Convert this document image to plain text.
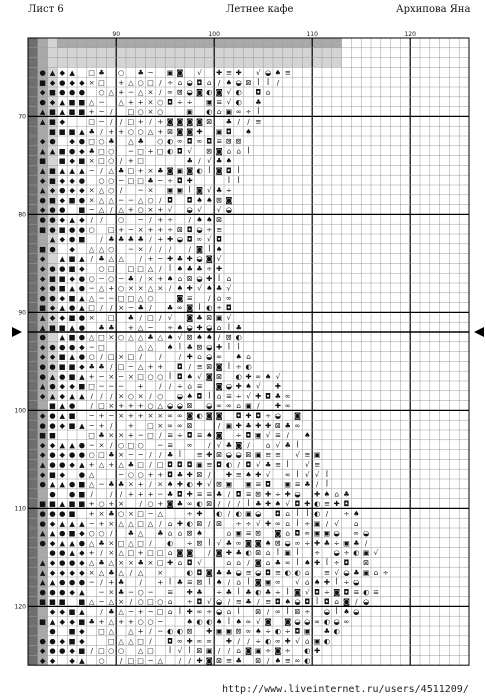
Лист 6	Летнее кафе	Архипова Яна
● ▲ ◆ ▲ □ ♣ ○ ♣ ─ ▣ ◙ √ ✚ ≡ ✚ √ ◒ ♠ ≡
■ ◆ ● ◆ ◆ × □ + △ ○ □ / ÷ ⌂ ◒ ◘ ⌂ / ♠ ◒ ⊠ ꟾ ꟾ /
◆ ■ ● ● ● ○ △ + ─ △ × / ∞ ⊠ ◒ ◙ ◐ ◙ √ ◐ ◘ ⌂
● ◆ ▲ ■ ■ △ ─ △ + + × ○ ◘ ÷ ÷ ▣ ≡ √ ◐ ♣
▲ ■ ▲ ■ ■ + ─ / □ ○ × ○	▣ ◐ ⌂ ▣ ∞ ÷ ꟾ
▲ ■ ◆	□ ─ / / □ + / + ◙ ◙ ◙ ◙ ⊠ ♣ / / ≡
■ ■ ■ ▲ ♣ / + + ○ ○ △ + ⊠ ◙ ◙ ✚ ▣ ◘ ♠
◆ ● ◆ ● □ ○ ♣ △ ♣ ○ ◐ ∞ ◘ ∞ ◘ ≡ ⊠ ⊠
▲ ▲ ■ ● ◆ ♣ □ ○ ─ □ + □ ◐ ◘ √ ⊠ ◙ ⌂ ⌂ ꟾ
■ ■ ◆ ■ × □ ○ / + □	♣ / √ ♣ ♠
▲ ■ ▲ ▲ ▲ ─ / △ ♣ □ + × ♣ ◙ ▣ ◙ ◐ ꟾ ◙ ◘ ꟾ
◆ ■ ◆ ◆ ● ○ ○ ─ □ □ ♣ ─ ÷ ◘ ✚	ꟾ ꟾ
▲ ◆ ● ◆ ◆ × △ ○ / ─ × ▣ ▣ ꟾ ◙ √ ♣ ÷
● ■ ◆ ■ ● × △ △ ─ ─ △ ○ / ◘ ◘ ♠ ♠ ⊠ ◙
◆ ● ● ■ ─ △ / △ + ○ × + √ ◒ √ √ ◒
● ● ◆ ▲ ◆ / / ○ ─ / + ÷ / ♠ ♠ ⊠
■ ● ■ ● ● ○ □ + ─ × + + ÷ ⊠ ◘ ◒ ÷ ≡
▲ ◆ ● ■ / ♣ ♣ ♣ ♣ / + ✚ ◒ ◘ ∞ √ ◘
■ ● ◆ △ △ ○ ─ × / / / / ◙ ꟾ ♠
◆ ▲ ■ ▲ / ♣ △ △ / + ─ ✚ ♣ ✚ ◒ ◙ √
◆ ● ● ■ ◆ ○ □ □ □ △ / ꟾ ♠ ♣ ♣ ÷ ✚
◆ ■ ■ ◆ ● ○ ─ ○ ─ ♣ / × + ♠ ⌂ ⊠ ◒ ✚ ꟾ ⌂
◆ ● ■ ▲ ● ─ △ + ○ × × △ × / ♠ ✚ √ ♠ ♣ √
● ● ◆ ■ ▲ △ ─ ─ □ □ △ ○	◙ ≡ / ⌂ ∞
■ ◆ ▲ ● ▲ □ / / × ─ ♣ / ♣ ∞ ◙ ꟾ ◐ ÷ ◘
▲ ◆ ◆ ■ ● × □ ♣ / □ / √ ◙ ♣ ⊠ ▣ √
▲ ■ ■ ▲ ● ♣ ♣ + △ ─ ÷ ♠ ◒ ✚ ◒ ⌂ ꟾ ♣
● ▲ ■ ● △ □ × ○ △ △ ♣ △ ♠ √ ⊠ ♠ ♠ / ⊠ ◐
◆ ● ● ● ◆ ─ □	△ △ ♠ ꟾ ♣ ⊠ ◒ ✚ ꟾ ꟾ
◆ ◆ ■ ▲ ● ○ / □ × □ / / / ✚ ⌂ ◒ ∞ ♠ ⌂
● ● ■ ■ ◆ ♣ ♣ / □ ─ △ + + ◘ / ≡ ⊠ ◙ ꟾ ÷ ◐
● ▲ ● ■ ▲ + ─ × ─ × □ ○ ○ ꟾ ◘ ♠ √ ◙ ⊠ ◐ ✚ ∞ ♠ √
▲ ● ◆ ◆ ■ □ ─ ─ ─ + / / ÷ ⌂ ≡ ◙ ◒ ✚ ♠ √ ✚
◆ ▲ ◆ ▲ ▲ / / / × ○ × / ○ ◒ ♠ ◘ ꟾ ⌂ ≡ ÷ √ ✚ ◘ ♣ ∞
■ ▲ ● / □ × + + + ○ △ ◒ ◒ ⊠ ◒ ∞ ∞ ⌂ ▣ / ✚ ∞
◆ ● ▲ ■ ─ + ─ × + + × × ∞ ∞ ◙ ◐ ◙ ◙ ◘ ✚ ◘ ÷ ◒ ◙
● ● ◆ ■ ▲ ─ + / + □ × ∞ ∞ ⊠	/ ▣ ✚ ♣ ✚ ✚ ⊠ ♣ ∞
■ ■	□ ♣ × × + ─ □ / ≡ ÷ ◘ ≡ ♠ ◙ ÷ ◘ ▣ √ ≡ / ♠
◆ ◆ ▲ ▲ ● ─ × / ○ □ ○ ─ ≡ ∞ / √ ♣ ◙ / ⌂ √ ♣ ꟾ
◆ ● ◆ ● ● ○ □ ♣ × ─ ─ / / ♣ ꟾ ≡ ✚ ⊠ ◒ ◒ ⊠ ▣ ≡ ≡ √ ≡ ▣
▲ ● ● ◆ ▲ + △ + △ ♣ □ / □ ◘ ◘ ◘ ▣ ≡ ◘ ◐ / ◘ √ ♣ ≡ ꟾ √ ≡
◆ ■ ◆ ● △	─ ○ ○ + + ◘ ♣ ✚ ⊠ / ✚ ≡ ♠ ✚ √ ∞ ꟾ √ √ ꟾ
● ▲ ▲ ● ■ △ ─ ♣ ♣ × + / × ♠ ✚ ◐ ✚ √ ⊠ ▣ ▣ ≡ ◘ ▣ ≡ ♣ / ꟾ
● ● ■ / / / + + + ─ ♣ ◘ ✚ ≡ ≡ ♣ / ◘ ≡ ⊠ ✚ ÷ ✚ ◒ ✚ ♠ ⌂ ♣
■ ■ ▲ ■ ■ + ○ + × / ○ + ◙ ♣ ∞ ◐ ⊠ / / / ꟾ ♣ ✚ ♠ √ ◘ ✚ ◐ ≡ ✚ ◘
● ● ● ■ + × ♣ ○ × □ ─ △	÷ ✚ ◐ / ◐ ▣ ◒ ◘ ⌂ ꟾ ꟾ ◐ / ÷ ♠
● ◆ ▲ ▲ ▲ ─ + × △ △ □ △ / ⌂ ✚ ◐ ⊠ / ⊠ ÷ ÷ √ ✚ ∞ ⌂ ꟾ ÷ ▣ / √ ⌂
▲ ▲ ● ■ ◆ ○ ○ / ♣ △ ♣ ⌂ ⌂ ⊠ ♠	⌂ ▣ ≡ ⊠ ◙ ⌂ ◘ ∞ ▣ ▣ ◒ ∞ ◒
● ◆ ▲ ▲ ● △ ♣ × □ △ □ / ◐ ÷ ⊠ ꟾ √ ♣ ∞ ◙ ◙ ♠ ⊠ ◒ ∞ ÷ ✚ ♣ ÷ ▣ ♣ /
● ● ▲ ◆ + / × △ □ + □ □ ⌂ ◙ ◙ / ◙ ✚ ♣ ◐ ⊠ ⌂ ꟾ ▣ ꟾ ÷ ◒ ÷ ◐ ▣ √
▲ ◆ ● ● ◆ △ ♣ △ × × ♣ × □ ✚ ⌂ ◘ √	⌂ ⌂ / ◙ ⌂ ♣ ∞ ꟾ ♠ ✚ ꟾ ÷ ◘ ⊠
▲ ◆ ◆ ◆ ◆ × △ ♣ △ / △ ×	◐ ◘ ◙ ♣ ♣ ◒ ≡ ◒ ◘ ≡ ◐ ◐ ⌂ ≡ √ ◒ ♣ ▣ ⌂ ÷
▲ ▲ ● ● ● ─ / + ♣ / + ꟾ ♣ ≡ ⊠ ꟾ ♠ / ⌂ ꟾ ◙ ▣ ∞ √ ⌂ ♠ ✚ ꟾ ÷ ◒
● ● ● ◆ ▲ ─ × ♣ ─ ○ ─ ≡ ✚ ♣ ÷ ♣ ꟾ ♣ ◐ ♣ ÷ ꟾ ◙ √ ◘ ÷ ◙ ◘ ≡ ◐ ≡
■ ■ ■ ■ △ ─ △ × / ○ □ ○ ⌂ ÷ ◘ √ ◒ / ≡ ♣ / ≡ ◘ ♠ ◒ ◘ ꟾ ◘ ⌂ ◙ / ◒
◆ ◆ ■ ▲ / ♣ △ ─ + ─ □ ⌂ ꟾ ✚ ∞ ÷ ◒ ⌂ ꟾ ⊠ / ∞ ꟾ ⊠ ÷ ◒ ꟾ ♠ ◒
■ ▲ ◆ ◆ ■ ♣ + △ + + ○ ○ ─	♠ ◐ ◐ ♠ ꟾ ♠ ∞ √ ◙ ◙ ◒ ◒ ∞ ◐ ◒ ∞
● ■ ◆ □ △ △ + / ─ ◐ ◐ ⊠ ✚ ▣ ▣ ⊠ ∞ ♠ ÷ ◐ ÷ ◘ ▣ ♣ ◐
● ● ◆ ■ ◆	□ △ △ □ / ◘ ∞ ✚ ∞ ∞ ✚ / / ÷ ◐ ∞ ✚ √ ⌂ ▣ ◐
◆ ● ● ◆ ■ / □ ○ ○ △ □ ꟾ √ ꟾ ⊠ ▣ / / ⌂ ◙ ▣ ÷ ◙ ÷ ◐ ✚
◆ ◆ ◆ ▲ ○ / □ □ ─ △ / / ✚ ◙ ⊠ ≡ ♣ ⊠ / ♠ ≡ ∞ ◐
90	100	110	120
70
80
90
100
110
120
http://www.liveinternet.ru/users/4511209/
